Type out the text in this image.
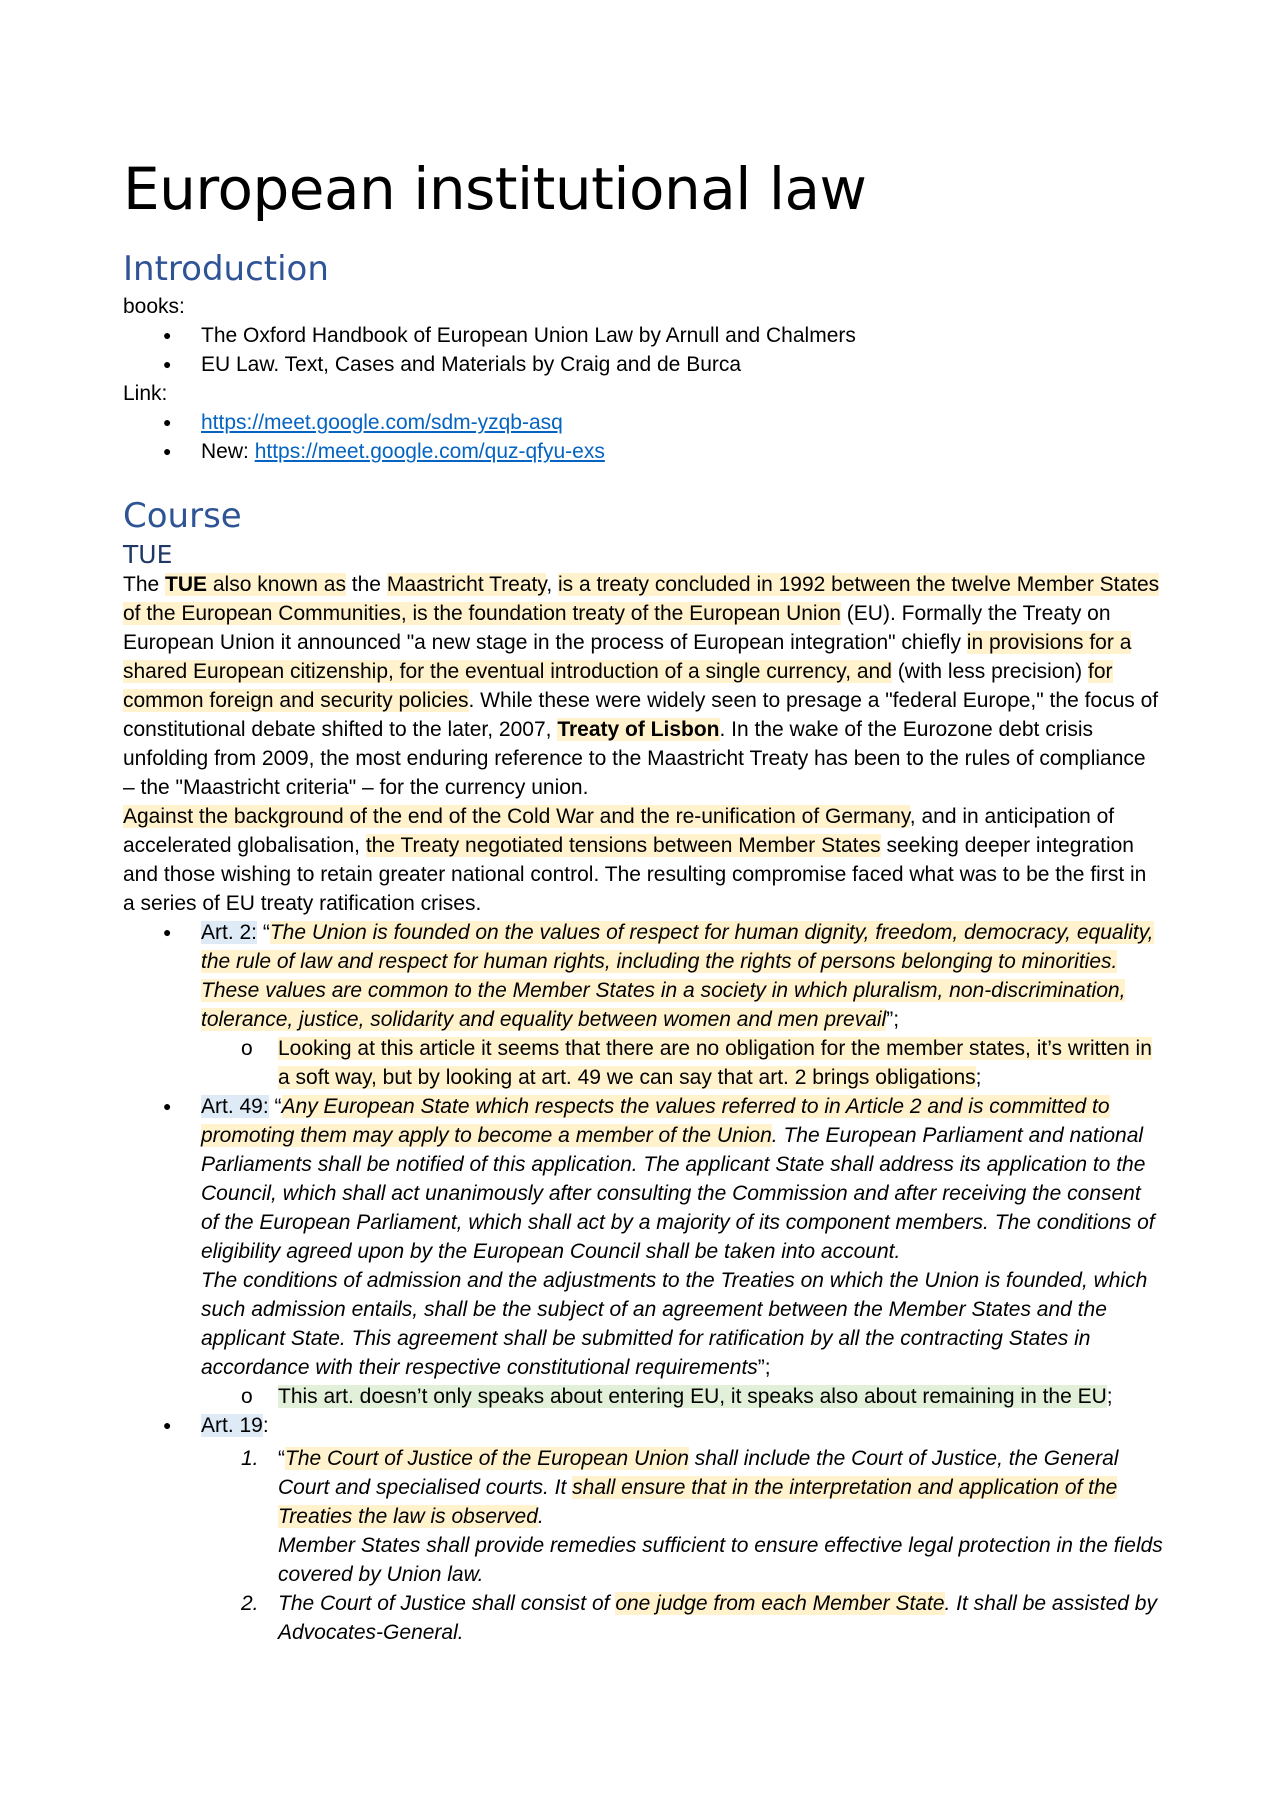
European institutional law
Introduction

books:

● The Oxford Handbook of European Union Law by Arnull and Chalmers
● EU Law. Text, Cases and Materials by Craig and de Burca

Link:

● https://meet.google.com/sdm-yzqb-asq
● New: https://meet.google.com/quz-qfyu-exs
Course
TUE

The TUE also known as the Maastricht Treaty, is a treaty concluded in 1992 between the twelve Member States of the European Communities, is the foundation treaty of the European Union (EU). Formally the Treaty on European Union it announced "a new stage in the process of European integration" chiefly in provisions for a shared European citizenship, for the eventual introduction of a single currency, and (with less precision) for common foreign and security policies. While these were widely seen to presage a "federal Europe," the focus of constitutional debate shifted to the later, 2007, Treaty of Lisbon. In the wake of the Eurozone debt crisis unfolding from 2009, the most enduring reference to the Maastricht Treaty has been to the rules of compliance – the "Maastricht criteria" – for the currency union.

Against the background of the end of the Cold War and the re-unification of Germany, and in anticipation of accelerated globalisation, the Treaty negotiated tensions between Member States seeking deeper integration and those wishing to retain greater national control. The resulting compromise faced what was to be the first in a series of EU treaty ratification crises.

● Art. 2: “The Union is founded on the values of respect for human dignity, freedom, democracy, equality, the rule of law and respect for human rights, including the rights of persons belonging to minorities. These values are common to the Member States in a society in which pluralism, non-discrimination, tolerance, justice, solidarity and equality between women and men prevail”;
o Looking at this article it seems that there are no obligation for the member states, it’s written in a soft way, but by looking at art. 49 we can say that art. 2 brings obligations;
● Art. 49: “Any European State which respects the values referred to in Article 2 and is committed to promoting them may apply to become a member of the Union. The European Parliament and national Parliaments shall be notified of this application. The applicant State shall address its application to the Council, which shall act unanimously after consulting the Commission and after receiving the consent of the European Parliament, which shall act by a majority of its component members. The conditions of eligibility agreed upon by the European Council shall be taken into account.
The conditions of admission and the adjustments to the Treaties on which the Union is founded, which such admission entails, shall be the subject of an agreement between the Member States and the applicant State. This agreement shall be submitted for ratification by all the contracting States in accordance with their respective constitutional requirements”;
o This art. doesn’t only speaks about entering EU, it speaks also about remaining in the EU;
● Art. 19:
1. “The Court of Justice of the European Union shall include the Court of Justice, the General Court and specialised courts. It shall ensure that in the interpretation and application of the Treaties the law is observed.
Member States shall provide remedies sufficient to ensure effective legal protection in the fields covered by Union law.
2. The Court of Justice shall consist of one judge from each Member State. It shall be assisted by Advocates-General.
